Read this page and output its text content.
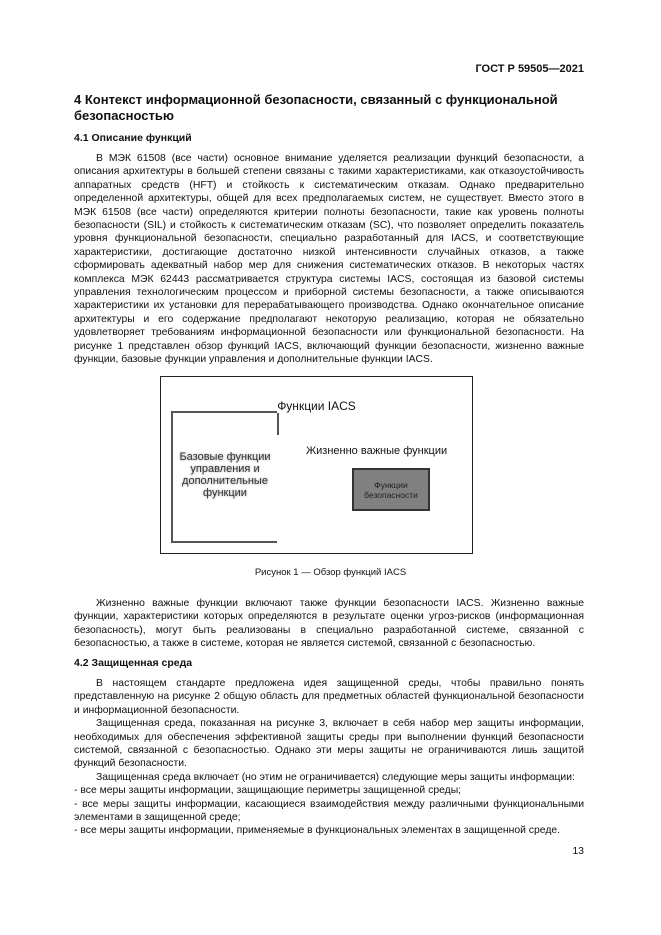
ГОСТ Р 59505—2021
4 Контекст информационной безопасности, связанный с функциональной безопасностью
4.1 Описание функций

В МЭК 61508 (все части) основное внимание уделяется реализации функций безопасности, а описания архитектуры в большей степени связаны с такими характеристиками, как отказоустойчивость аппаратных средств (HFT) и стойкость к систематическим отказам. Однако предварительно определенной архитектуры, общей для всех предполагаемых систем, не существует. Вместо этого в МЭК 61508 (все части) определяются критерии полноты безопасности, такие как уровень полноты безопасности (SIL) и стойкость к систематическим отказам (SC), что позволяет определить показатель уровня функциональной безопасности, специально разработанный для IACS, и соответствующие характеристики, достигающие достаточно низкой интенсивности случайных отказов, а также сформировать адекватный набор мер для снижения систематических отказов. В некоторых частях комплекса МЭК 62443 рассматривается структура системы IACS, состоящая из базовой системы управления технологическим процессом и приборной системы безопасности, а также описываются характеристики их установки для перерабатывающего производства. Однако окончательное описание архитектуры и его содержание предполагают некоторую реализацию, которая не обязательно удовлетворяет требованиям информационной безопасности или функциональной безопасности. На рисунке 1 представлен обзор функций IACS, включающий функции безопасности, жизненно важные функции, базовые функции управления и дополнительные функции IACS.

Функции IACS
Базовые функции управления и дополнительные функции
Жизненно важные функции
Функции безопасности
Рисунок 1 — Обзор функций IACS

Жизненно важные функции включают также функции безопасности IACS. Жизненно важные функции, характеристики которых определяются в результате оценки угроз-рисков (информационная безопасность), могут быть реализованы в специально разработанной системе, связанной с безопасностью, а также в системе, которая не является системой, связанной с безопасностью.

4.2 Защищенная среда

В настоящем стандарте предложена идея защищенной среды, чтобы правильно понять представленную на рисунке 2 общую область для предметных областей функциональной безопасности и информационной безопасности.

Защищенная среда, показанная на рисунке 3, включает в себя набор мер защиты информации, необходимых для обеспечения эффективной защиты среды при выполнении функций безопасности системой, связанной с безопасностью. Однако эти меры защиты не ограничиваются лишь защитой функций безопасности.

Защищенная среда включает (но этим не ограничивается) следующие меры защиты информации:

- все меры защиты информации, защищающие периметры защищенной среды;

- все меры защиты информации, касающиеся взаимодействия между различными функциональными элементами в защищенной среде;

- все меры защиты информации, применяемые в функциональных элементах в защищенной среде.

13
